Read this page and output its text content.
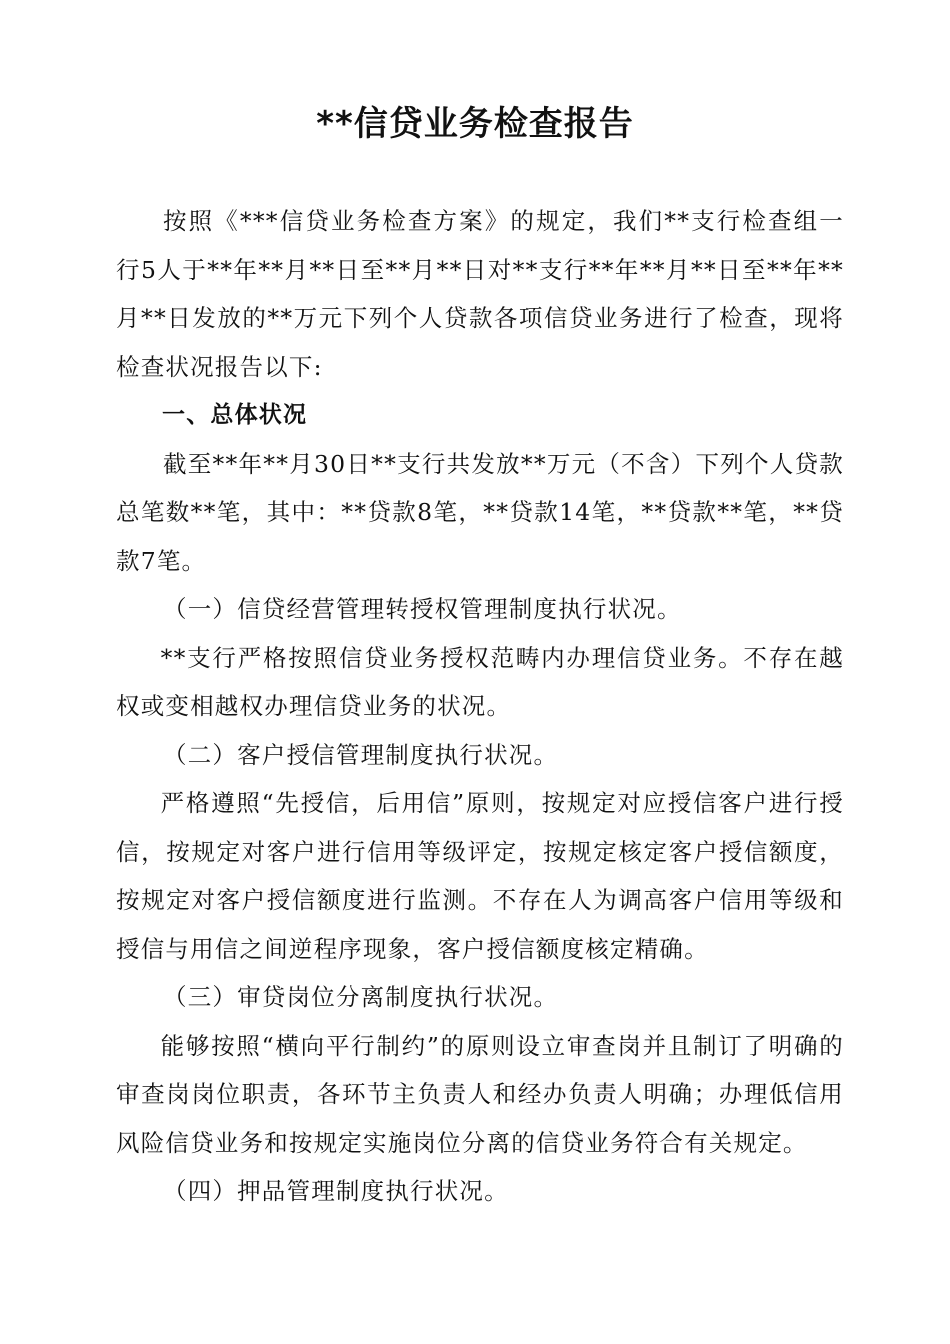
**信贷业务检查报告

按照《***信贷业务检查方案》的规定，我们**支行检查组一行5人于**年**月**日至**月**日对**支行**年**月**日至**年**月**日发放的**万元下列个人贷款各项信贷业务进行了检查，现将检查状况报告以下:

一、总体状况

截至**年**月30日**支行共发放**万元（不含）下列个人贷款总笔数**笔，其中：**贷款8笔，**贷款14笔，**贷款**笔，**贷款7笔。

（一）信贷经营管理转授权管理制度执行状况。

**支行严格按照信贷业务授权范畴内办理信贷业务。不存在越权或变相越权办理信贷业务的状况。

（二）客户授信管理制度执行状况。

严格遵照“先授信，后用信”原则，按规定对应授信客户进行授信，按规定对客户进行信用等级评定，按规定核定客户授信额度，按规定对客户授信额度进行监测。不存在人为调高客户信用等级和授信与用信之间逆程序现象，客户授信额度核定精确。

（三）审贷岗位分离制度执行状况。

能够按照“横向平行制约”的原则设立审查岗并且制订了明确的审查岗岗位职责，各环节主负责人和经办负责人明确；办理低信用风险信贷业务和按规定实施岗位分离的信贷业务符合有关规定。

（四）押品管理制度执行状况。
